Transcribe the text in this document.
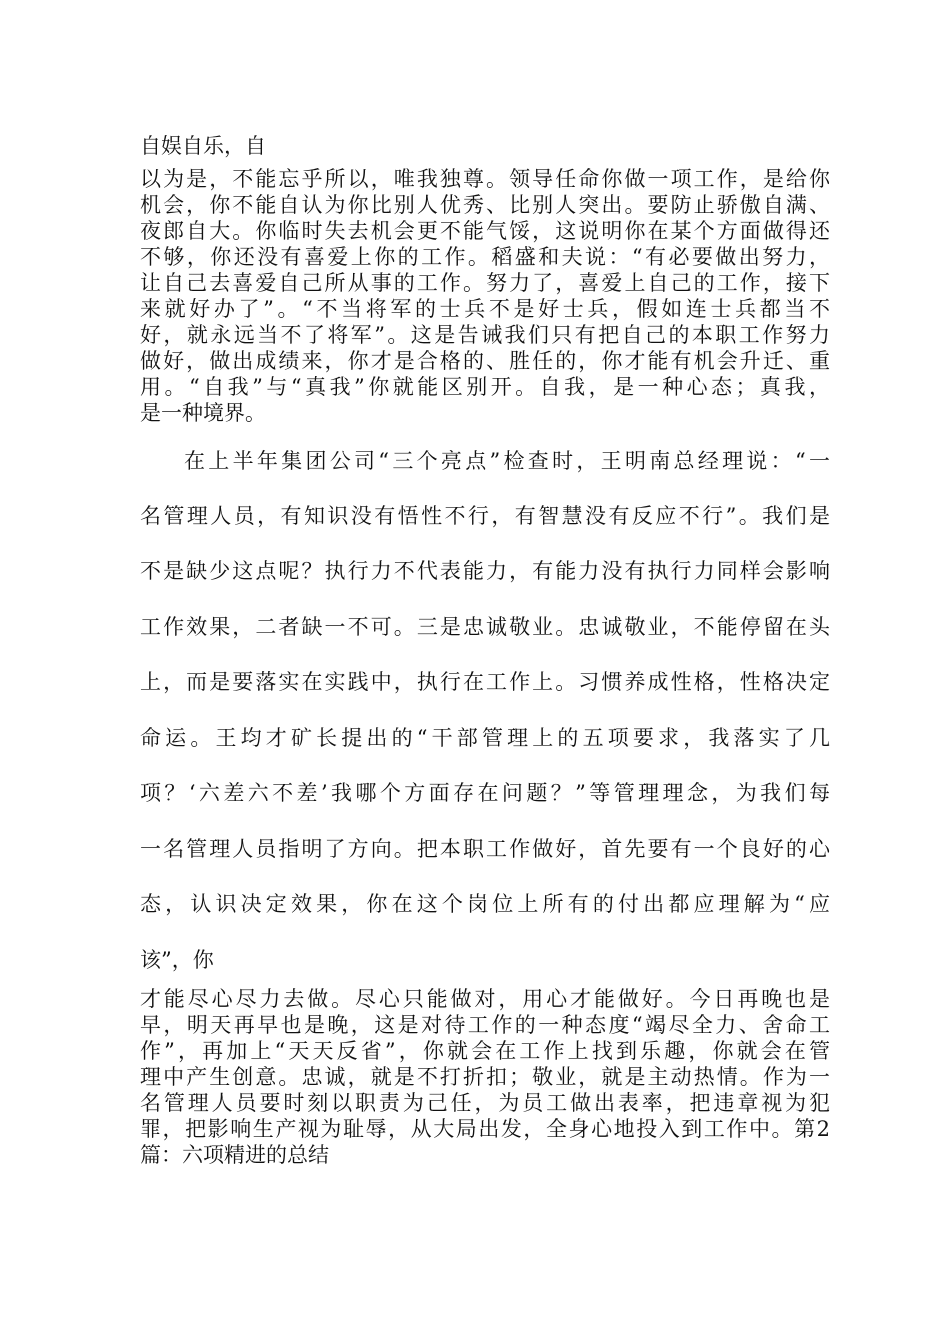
自娱自乐，自
以为是，不能忘乎所以，唯我独尊。领导任命你做一项工作，是给你
机会，你不能自认为你比别人优秀、比别人突出。要防止骄傲自满、
夜郎自大。你临时失去机会更不能气馁，这说明你在某个方面做得还
不够，你还没有喜爱上你的工作。稻盛和夫说：“有必要做出努力，
让自己去喜爱自己所从事的工作。努力了，喜爱上自己的工作，接下
来就好办了”。“不当将军的士兵不是好士兵，假如连士兵都当不
好，就永远当不了将军”。这是告诫我们只有把自己的本职工作努力
做好，做出成绩来，你才是合格的、胜任的，你才能有机会升迁、重
用。“自我”与“真我”你就能区别开。自我，是一种心态；真我，
是一种境界。
在上半年集团公司“三个亮点”检查时，王明南总经理说：“一
名管理人员，有知识没有悟性不行，有智慧没有反应不行”。我们是
不是缺少这点呢？执行力不代表能力，有能力没有执行力同样会影响
工作效果，二者缺一不可。三是忠诚敬业。忠诚敬业，不能停留在头
上，而是要落实在实践中，执行在工作上。习惯养成性格，性格决定
命运。王均才矿长提出的“干部管理上的五项要求，我落实了几
项？‘六差六不差’我哪个方面存在问题？”等管理理念，为我们每
一名管理人员指明了方向。把本职工作做好，首先要有一个良好的心
态，认识决定效果，你在这个岗位上所有的付出都应理解为“应
该”，你
才能尽心尽力去做。尽心只能做对，用心才能做好。今日再晚也是
早，明天再早也是晚，这是对待工作的一种态度“竭尽全力、舍命工
作”，再加上“天天反省”，你就会在工作上找到乐趣，你就会在管
理中产生创意。忠诚，就是不打折扣；敬业，就是主动热情。作为一
名管理人员要时刻以职责为己任，为员工做出表率，把违章视为犯
罪，把影响生产视为耻辱，从大局出发，全身心地投入到工作中。第2
篇：六项精进的总结
